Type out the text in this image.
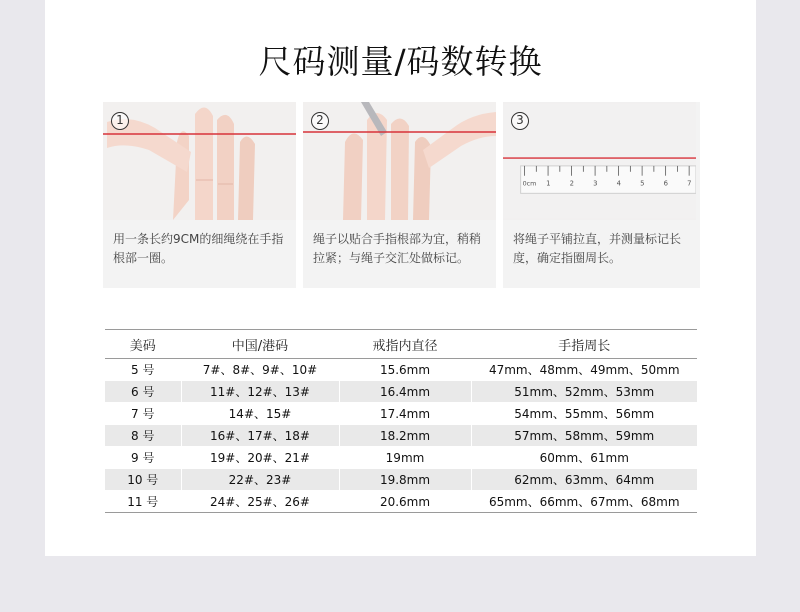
尺码测量/码数转换
1
用一条长约9CM的细绳绕在手指根部一圈。
2
绳子以贴合手指根部为宜，稍稍拉紧；与绳子交汇处做标记。
0cm 1	2	3	4	5	6	7
3
将绳子平铺拉直，并测量标记长度，确定指圈周长。
美码	中国/港码	戒指内直径	手指周长
5 号	7#、8#、9#、10#	15.6mm	47mm、48mm、49mm、50mm
6 号	11#、12#、13#	16.4mm	51mm、52mm、53mm
7 号	14#、15#	17.4mm	54mm、55mm、56mm
8 号	16#、17#、18#	18.2mm	57mm、58mm、59mm
9 号	19#、20#、21#	19mm	60mm、61mm
10 号	22#、23#	19.8mm	62mm、63mm、64mm
11 号	24#、25#、26#	20.6mm	65mm、66mm、67mm、68mm
